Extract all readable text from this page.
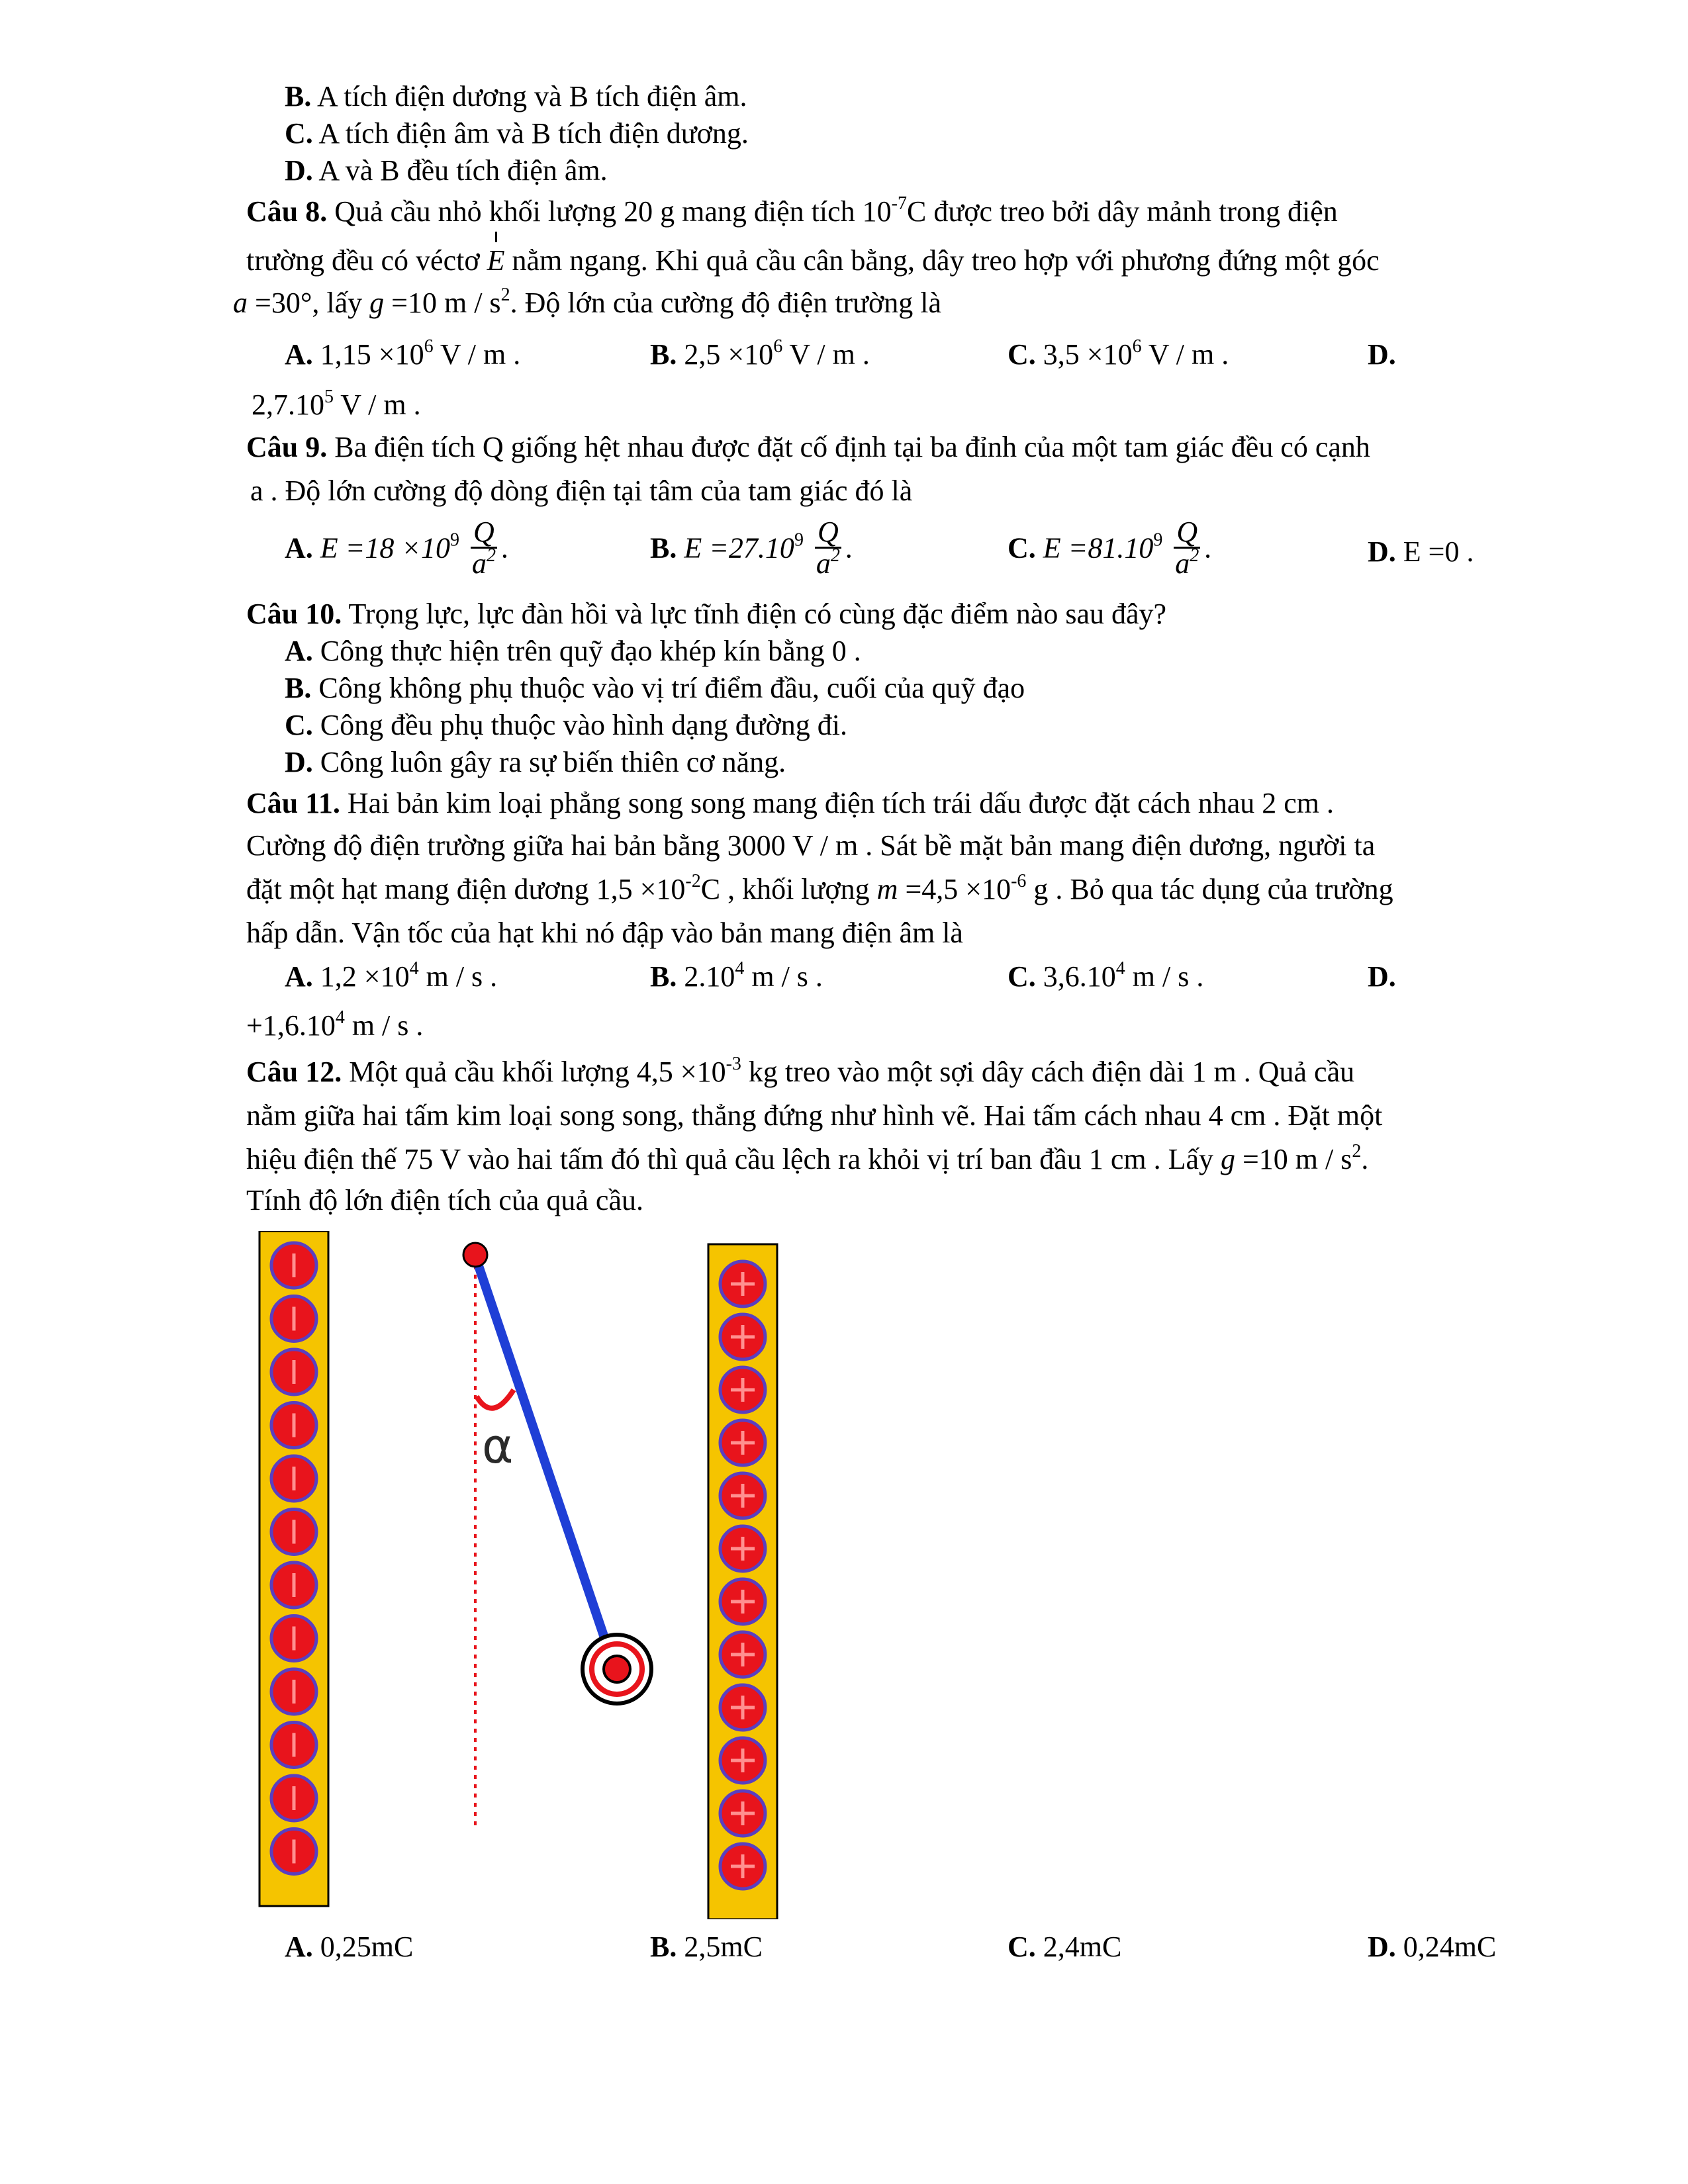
B. A tích điện dương và B tích điện âm.
C. A tích điện âm và B tích điện dương.
D. A và B đều tích điện âm.
Câu 8. Quả cầu nhỏ khối lượng 20 g mang điện tích $10^{-7}C$ được treo bởi dây mảnh trong điện
trường đều có véctơ E nằm ngang. Khi quả cầu cân bằng, dây treo hợp với phương đứng một góc
a =30°, lấy g =10 m / $s^2$. Độ lớn của cường độ điện trường là
A. $1,15 \times 10^6$ V / m .	B. $2,5 \times 10^6$ V / m .	C. $3,5 \times 10^6$ V / m .	D.
2,7.10$^5$ V / m .
Câu 9. Ba điện tích Q giống hệt nhau được đặt cố định tại ba đỉnh của một tam giác đều có cạnh
a . Độ lớn cường độ dòng điện tại tâm của tam giác đó là
A. $E =18 \times 10^9 \frac{Q}{a^2}$ .	B. $E =27.10^9 \frac{Q}{a^2}$ .	C. $E =81.10^9 \frac{Q}{a^2}$ .	D. E =0 .
Câu 10. Trọng lực, lực đàn hồi và lực tĩnh điện có cùng đặc điểm nào sau đây?
A. Công thực hiện trên quỹ đạo khép kín bằng 0 .
B. Công không phụ thuộc vào vị trí điểm đầu, cuối của quỹ đạo
C. Công đều phụ thuộc vào hình dạng đường đi.
D. Công luôn gây ra sự biến thiên cơ năng.
Câu 11. Hai bản kim loại phẳng song song mang điện tích trái dấu được đặt cách nhau 2 cm .
Cường độ điện trường giữa hai bản bằng 3000 V / m . Sát bề mặt bản mang điện dương, người ta
đặt một hạt mang điện dương $1,5 \times 10^{-2}C$ , khối lượng $m =4,5 \times 10^{-6}$ g . Bỏ qua tác dụng của trường
hấp dẫn. Vận tốc của hạt khi nó đập vào bản mang điện âm là
A. $1,2 \times 10^4$ m / s .	B. 2.10$^4$ m / s .	C. 3,6.10$^4$ m / s .	D.
$+1,6.10^4$ m / s .
Câu 12. Một quả cầu khối lượng $4,5 \times 10^{-3}$ kg treo vào một sợi dây cách điện dài 1 m . Quả cầu
nằm giữa hai tấm kim loại song song, thẳng đứng như hình vẽ. Hai tấm cách nhau 4 cm . Đặt một
hiệu điện thế 75 V vào hai tấm đó thì quả cầu lệch ra khỏi vị trí ban đầu 1 cm . Lấy g =10 m / $s^2$.
Tính độ lớn điện tích của quả cầu.
α
A. 0,25mC	B. 2,5mC	C. 2,4mC	D. 0,24mC
